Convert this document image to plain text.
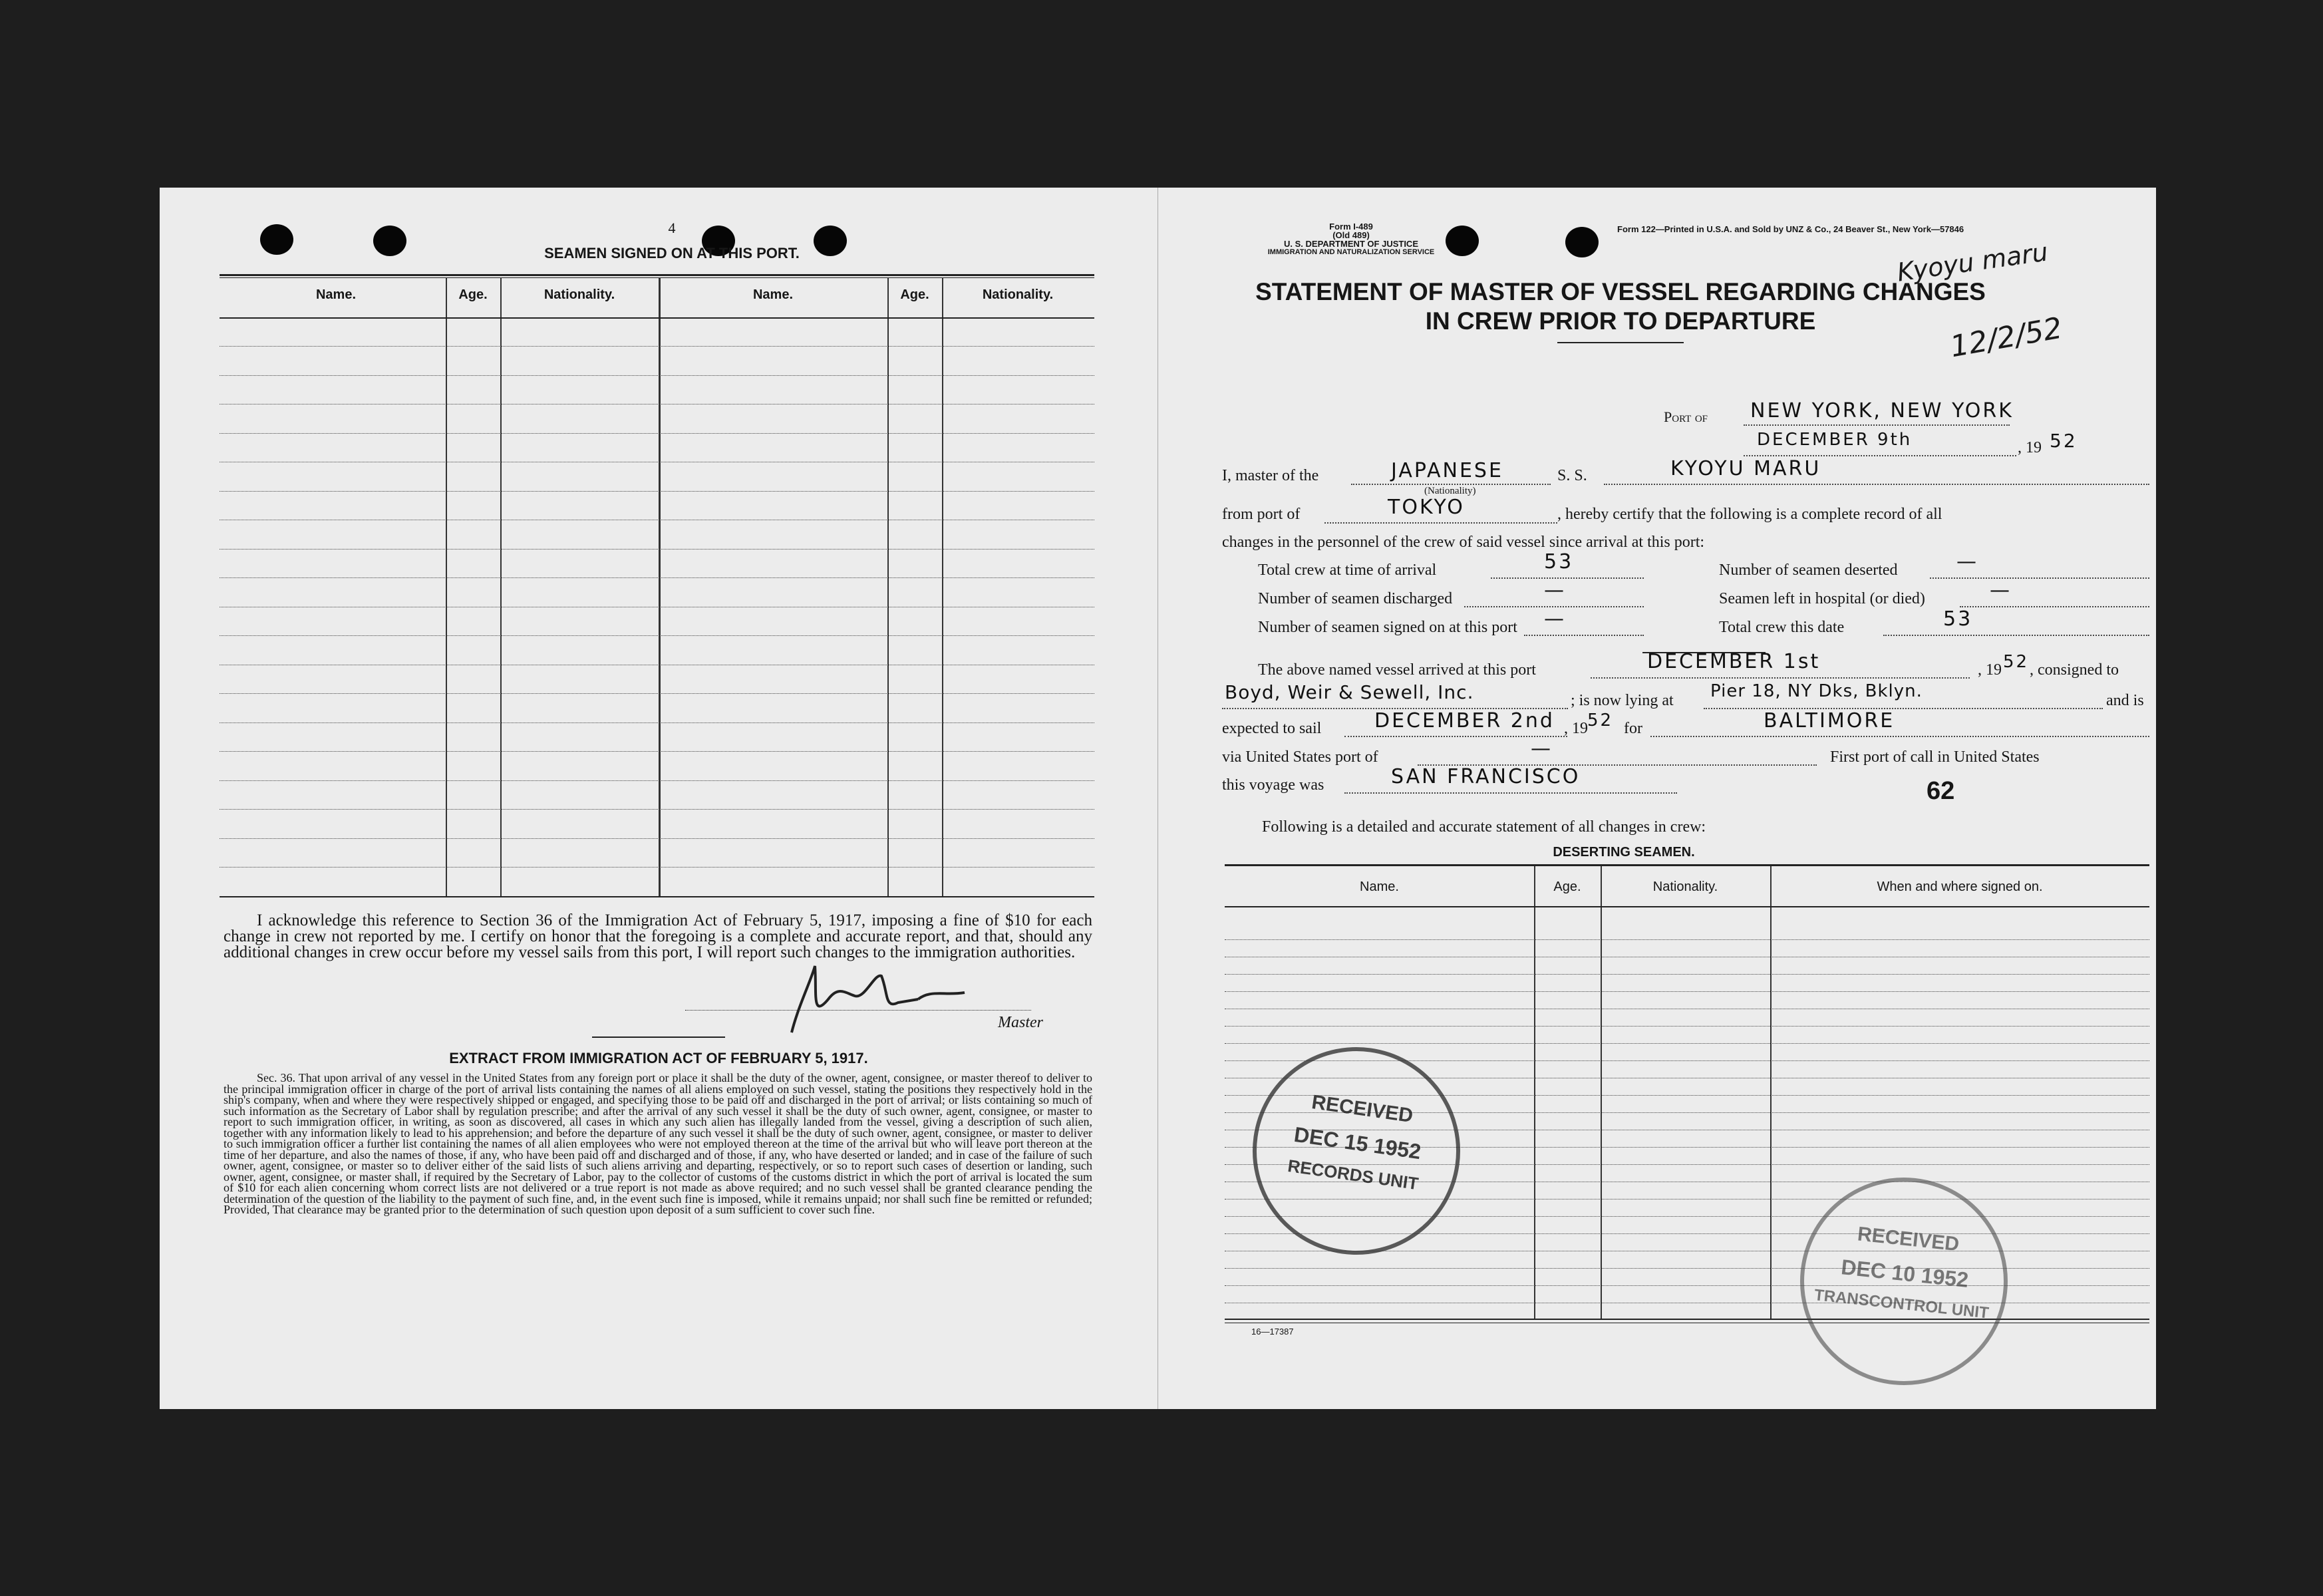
4
SEAMEN SIGNED ON AT THIS PORT.
Name.	Age.	Nationality.	Name.	Age.	Nationality.
I acknowledge this reference to Section 36 of the Immigration Act of February 5, 1917, imposing a fine of $10 for each change in crew not reported by me. I certify on honor that the foregoing is a complete and accurate report, and that, should any additional changes in crew occur before my vessel sails from this port, I will report such changes to the immigration authorities.
Master
EXTRACT FROM IMMIGRATION ACT OF FEBRUARY 5, 1917.
Sec. 36. That upon arrival of any vessel in the United States from any foreign port or place it shall be the duty of the owner, agent, consignee, or master thereof to deliver to the principal immigration officer in charge of the port of arrival lists containing the names of all aliens employed on such vessel, stating the positions they respectively hold in the ship's company, when and where they were respectively shipped or engaged, and specifying those to be paid off and discharged in the port of arrival; or lists containing so much of such information as the Secretary of Labor shall by regulation prescribe; and after the arrival of any such vessel it shall be the duty of such owner, agent, consignee, or master to report to such immigration officer, in writing, as soon as discovered, all cases in which any such alien has illegally landed from the vessel, giving a description of such alien, together with any information likely to lead to his apprehension; and before the departure of any such vessel it shall be the duty of such owner, agent, consignee, or master to deliver to such immigration officer a further list containing the names of all alien employees who were not employed thereon at the time of the arrival but who will leave port thereon at the time of her departure, and also the names of those, if any, who have been paid off and discharged and of those, if any, who have deserted or landed; and in case of the failure of such owner, agent, consignee, or master so to deliver either of the said lists of such aliens arriving and departing, respectively, or so to report such cases of desertion or landing, such owner, agent, consignee, or master shall, if required by the Secretary of Labor, pay to the collector of customs of the customs district in which the port of arrival is located the sum of $10 for each alien concerning whom correct lists are not delivered or a true report is not made as above required; and no such vessel shall be granted clearance pending the determination of the question of the liability to the payment of such fine, and, in the event such fine is imposed, while it remains unpaid; nor shall such fine be remitted or refunded; Provided, That clearance may be granted prior to the determination of such question upon deposit of a sum sufficient to cover such fine.
Form I-489
(Old 489)
U. S. DEPARTMENT OF JUSTICE
IMMIGRATION AND NATURALIZATION SERVICE
Form 122—Printed in U.S.A. and Sold by UNZ & Co., 24 Beaver St., New York—57846
STATEMENT OF MASTER OF VESSEL REGARDING CHANGES
IN CREW PRIOR TO DEPARTURE
Kyoyu maru
12/2/52
Port of NEW YORK, NEW YORK
DECEMBER 9th	, 19 52
I, master of the	JAPANESE
(Nationality)
S. S.	KYOYU MARU
from port of	TOKYO	, hereby certify that the following is a complete record of all
changes in the personnel of the crew of said vessel since arrival at this port:
Total crew at time of arrival	53	Number of seamen deserted	—
Number of seamen discharged	—	Seamen left in hospital (or died)	—
Number of seamen signed on at this port —	Total crew this date	53
The above named vessel arrived at this port	DECEMBER 1st	, 19 52 , consigned to
Boyd, Weir & Sewell, Inc.	; is now lying at Pier 18, NY Dks, Bklyn.	and is
expected to sail	DECEMBER 2nd , 19 52 for	BALTIMORE
via United States port of	—	First port of call in United States
this voyage was	SAN FRANCISCO
62
Following is a detailed and accurate statement of all changes in crew:
DESERTING SEAMEN.
Name.	Age.	Nationality.	When and where signed on.
16—17387
RECEIVED
DEC 15 1952
RECORDS UNIT
RECEIVED
DEC 10 1952
TRANSCONTROL UNIT
